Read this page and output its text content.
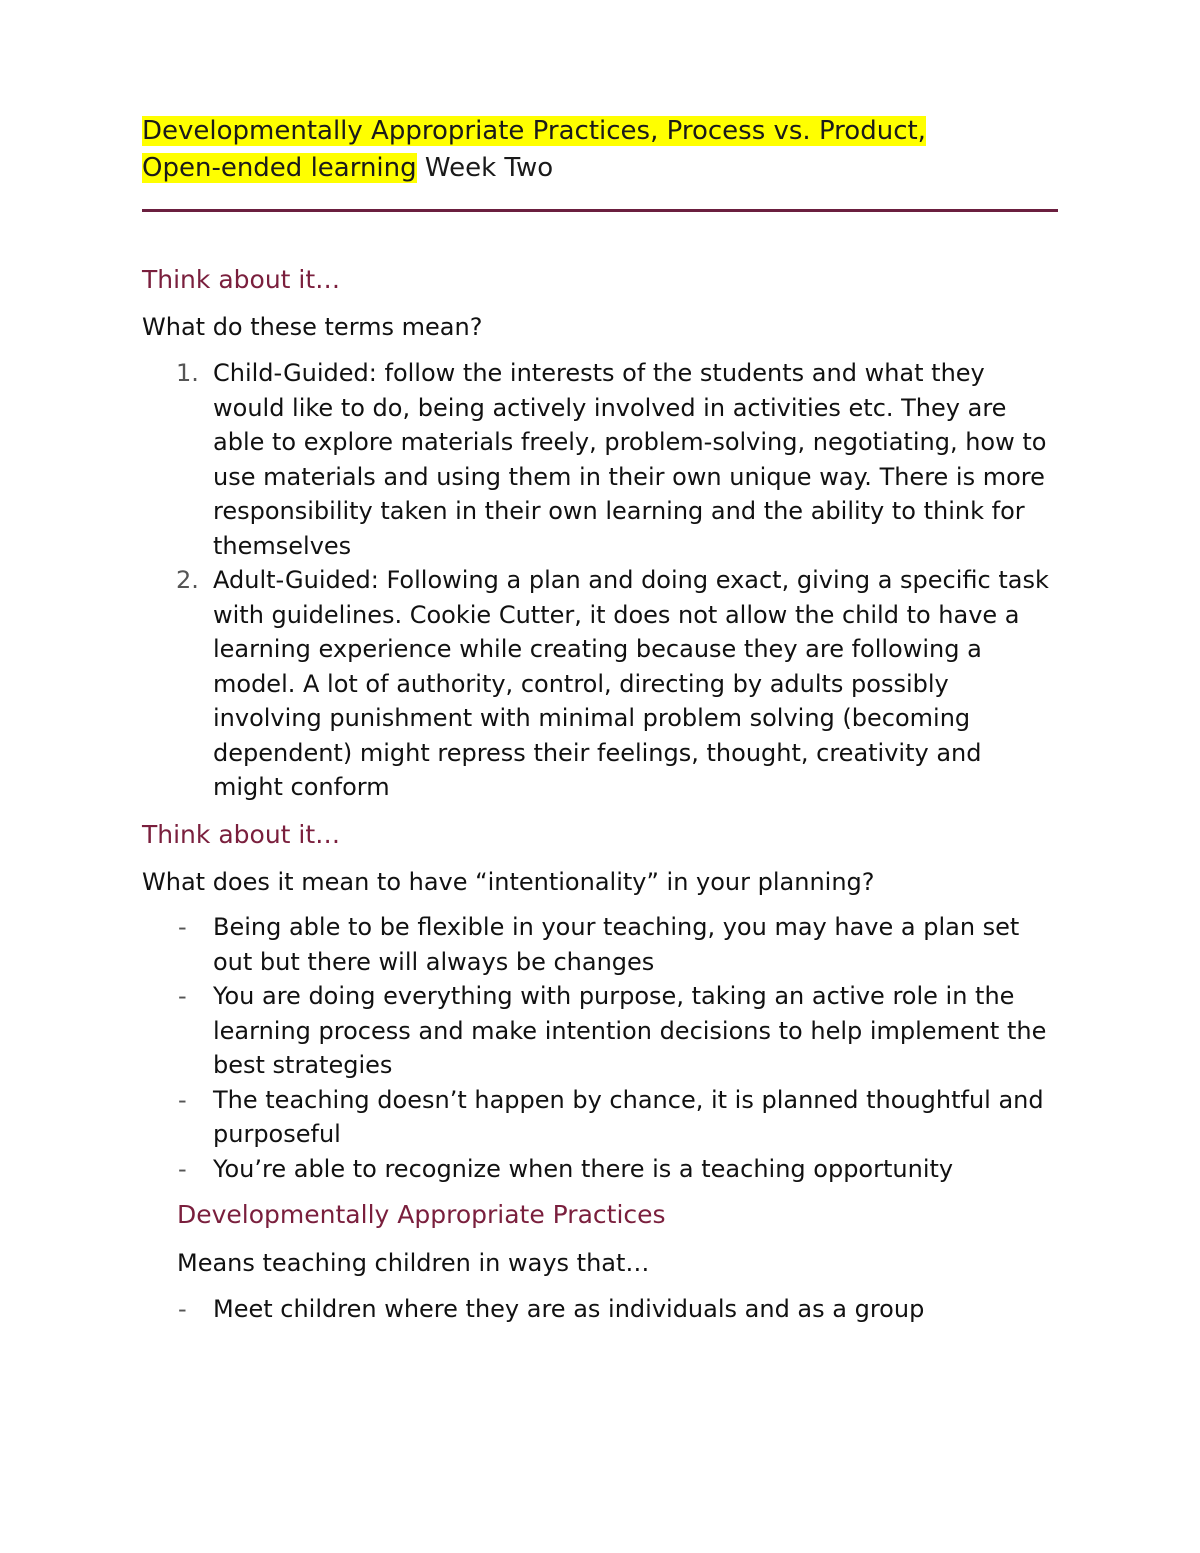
Developmentally Appropriate Practices, Process vs. Product,
Open-ended learning Week Two
Think about it…

What do these terms mean?

1. Child-Guided: follow the interests of the students and what they would like to do, being actively involved in activities etc. They are able to explore materials freely, problem-solving, negotiating, how to use materials and using them in their own unique way. There is more responsibility taken in their own learning and the ability to think for themselves
2. Adult-Guided: Following a plan and doing exact, giving a specific task with guidelines. Cookie Cutter, it does not allow the child to have a learning experience while creating because they are following a model. A lot of authority, control, directing by adults possibly involving punishment with minimal problem solving (becoming dependent) might repress their feelings, thought, creativity and might conform
Think about it…

What does it mean to have “intentionality” in your planning?

- Being able to be flexible in your teaching, you may have a plan set out but there will always be changes
- You are doing everything with purpose, taking an active role in the learning process and make intention decisions to help implement the best strategies
- The teaching doesn’t happen by chance, it is planned thoughtful and purposeful
- You’re able to recognize when there is a teaching opportunity
Developmentally Appropriate Practices

Means teaching children in ways that…

- Meet children where they are as individuals and as a group
